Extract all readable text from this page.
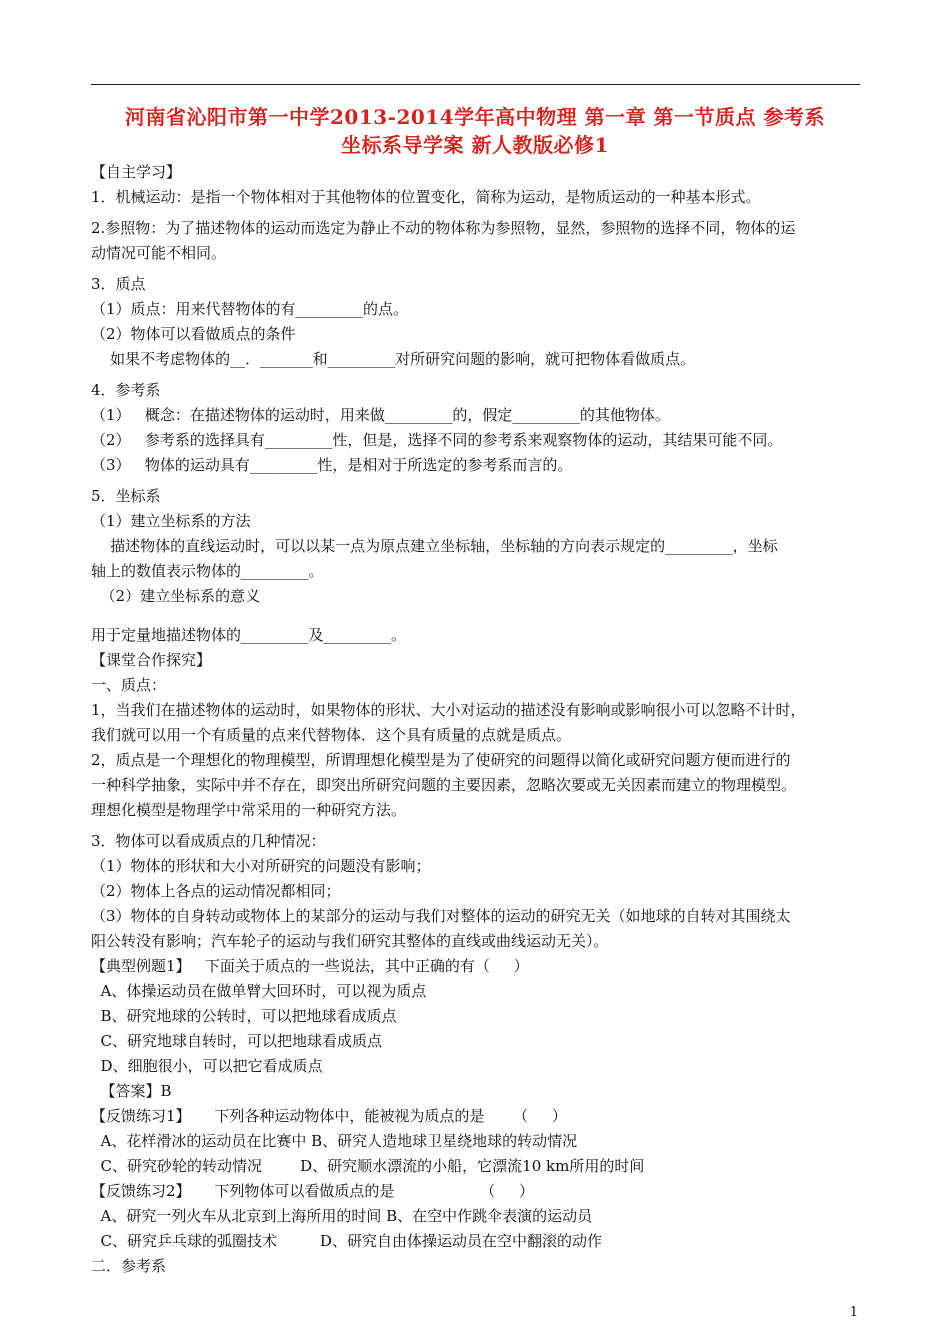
河南省沁阳市第一中学2013-2014学年高中物理 第一章 第一节质点 参考系
坐标系导学案 新人教版必修1
【自主学习】
1．机械运动：是指一个物体相对于其他物体的位置变化，简称为运动，是物质运动的一种基本形式。
2.参照物：为了描述物体的运动而选定为静止不动的物体称为参照物，显然，参照物的选择不同，物体的运
动情况可能不相同。
3．质点
（1）质点：用来代替物体的有_________的点。
（2）物体可以看做质点的条件
如果不考虑物体的__．_______和_________对所研究问题的影响，就可把物体看做质点。
4．参考系
（1）   概念：在描述物体的运动时，用来做_________的，假定_________的其他物体。
（2）   参考系的选择具有_________性，但是，选择不同的参考系来观察物体的运动，其结果可能不同。
（3）   物体的运动具有_________性，是相对于所选定的参考系而言的。
5．坐标系
（1）建立坐标系的方法
描述物体的直线运动时，可以以某一点为原点建立坐标轴，坐标轴的方向表示规定的_________，坐标
轴上的数值表示物体的_________。
（2）建立坐标系的意义
用于定量地描述物体的_________及_________。
【课堂合作探究】
一、质点：
1，当我们在描述物体的运动时，如果物体的形状、大小对运动的描述没有影响或影响很小可以忽略不计时，
我们就可以用一个有质量的点来代替物体．这个具有质量的点就是质点。
2，质点是一个理想化的物理模型，所谓理想化模型是为了使研究的问题得以简化或研究问题方便而进行的
一种科学抽象，实际中并不存在，即突出所研究问题的主要因素，忽略次要或无关因素而建立的物理模型。
理想化模型是物理学中常采用的一种研究方法。
3．物体可以看成质点的几种情况：
（1）物体的形状和大小对所研究的问题没有影响；
（2）物体上各点的运动情况都相同；
（3）物体的自身转动或物体上的某部分的运动与我们对整体的运动的研究无关（如地球的自转对其围绕太
阳公转没有影响；汽车轮子的运动与我们研究其整体的直线或曲线运动无关）。
【典型例题1】   下面关于质点的一些说法，其中正确的有（     ）
A、体操运动员在做单臂大回环时，可以视为质点
B、研究地球的公转时，可以把地球看成质点
C、研究地球自转时，可以把地球看成质点
D、细胞很小，可以把它看成质点
【答案】B
【反馈练习1】     下列各种运动物体中，能被视为质点的是      （     ）
A、花样滑冰的运动员在比赛中 B、研究人造地球卫星绕地球的转动情况
C、研究砂轮的转动情况        D、研究顺水漂流的小船，它漂流10 km所用的时间
【反馈练习2】     下列物体可以看做质点的是                  （     ）
A、研究一列火车从北京到上海所用的时间 B、在空中作跳伞表演的运动员
C、研究乒乓球的弧圈技术         D、研究自由体操运动员在空中翻滚的动作
二．参考系
1
